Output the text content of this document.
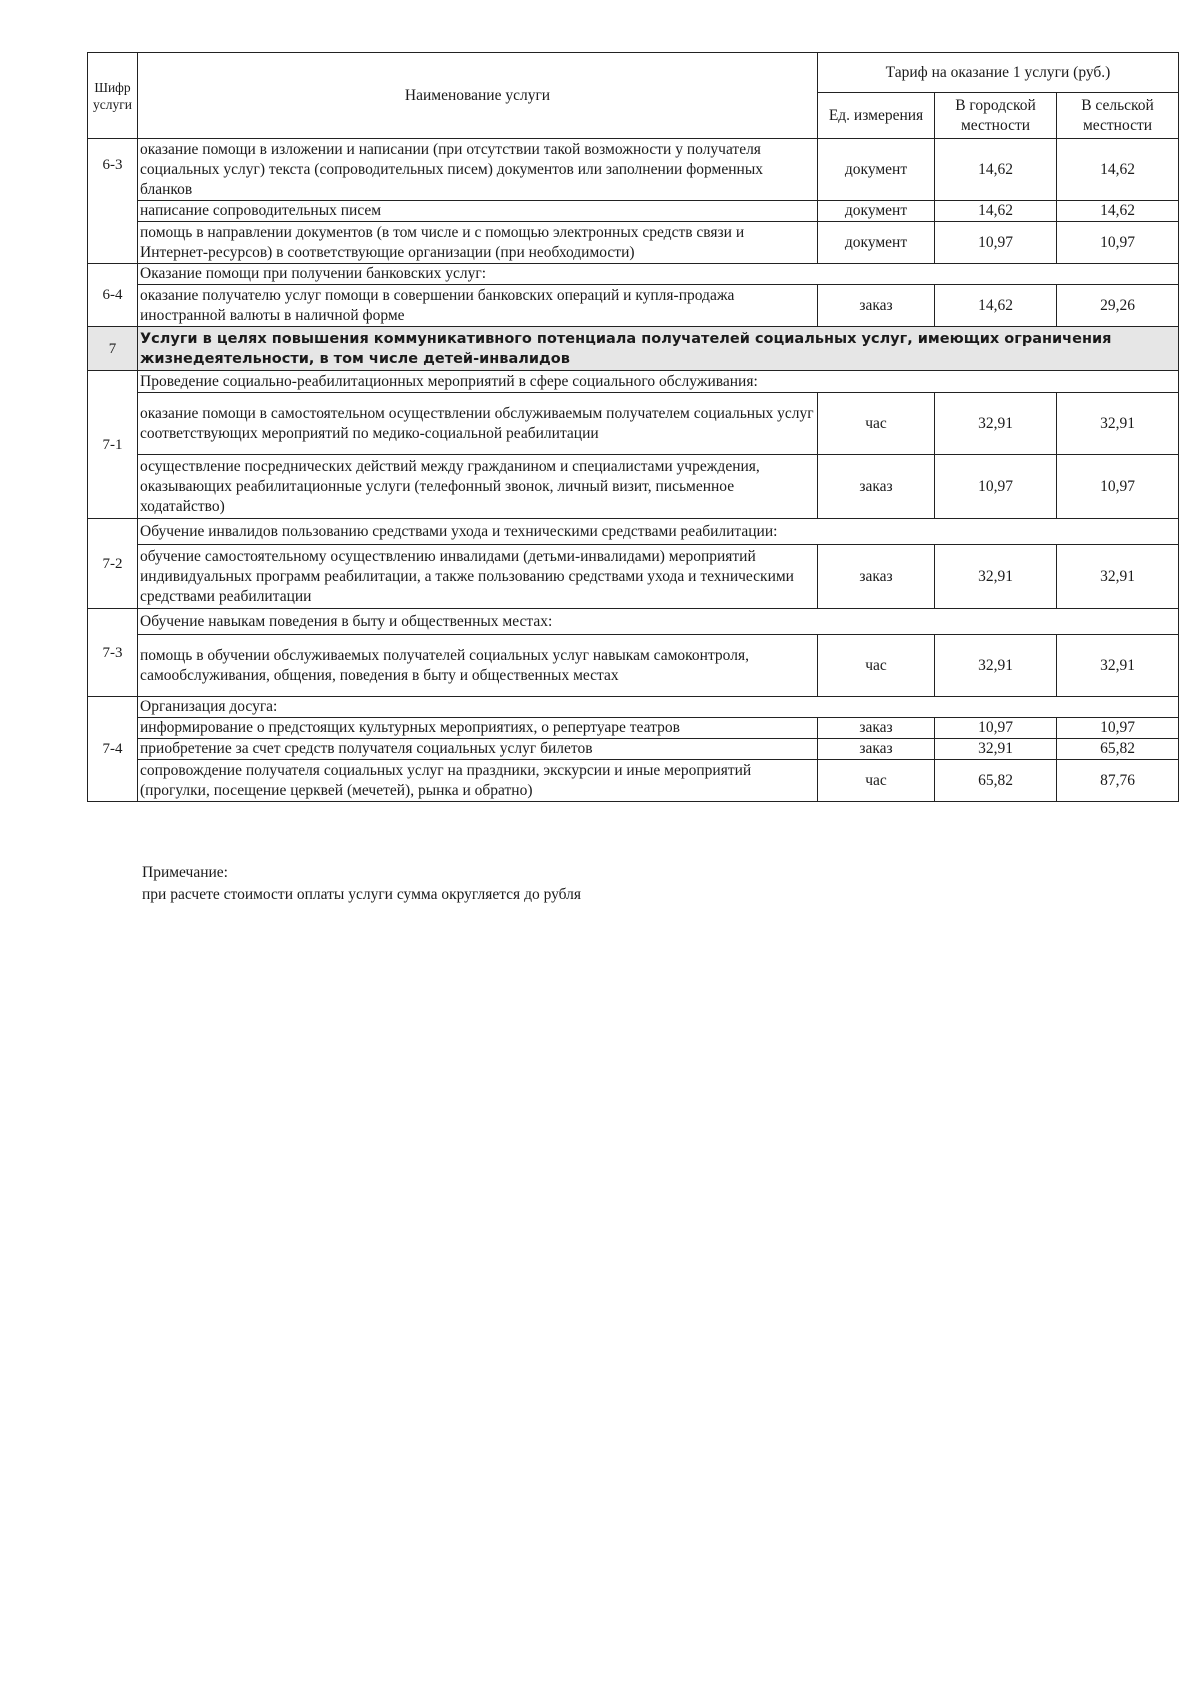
Шифр услуги	Наименование услуги	Тариф на оказание 1 услуги (руб.)		
		Ед. измерения	В городской местности	В сельской местности
6-3	оказание помощи в изложении и написании (при отсутствии такой возможности у получателя социальных услуг) текста (сопроводительных писем) документов или заполнении форменных бланков	документ	14,62	14,62
	написание сопроводительных писем	документ	14,62	14,62
	помощь в направлении документов (в том числе и с помощью электронных средств связи и Интернет-ресурсов) в соответствующие организации (при необходимости)	документ	10,97	10,97
6-4	Оказание помощи при получении банковских услуг:			
	оказание получателю услуг помощи в совершении банковских операций и купля-продажа иностранной валюты в наличной форме	заказ	14,62	29,26
7	Услуги в целях повышения коммуникативного потенциала получателей социальных услуг, имеющих ограничения жизнедеятельности, в том числе детей-инвалидов			
7-1	Проведение социально-реабилитационных мероприятий в сфере социального обслуживания:			
	оказание помощи в самостоятельном осуществлении обслуживаемым получателем социальных услуг соответствующих мероприятий по медико-социальной реабилитации	час	32,91	32,91
	осуществление посреднических действий между гражданином и специалистами учреждения, оказывающих реабилитационные услуги (телефонный звонок, личный визит, письменное ходатайство)	заказ	10,97	10,97
7-2	Обучение инвалидов пользованию средствами ухода и техническими средствами реабилитации:			
	обучение самостоятельному осуществлению инвалидами (детьми-инвалидами) мероприятий индивидуальных программ реабилитации, а также пользованию средствами ухода и техническими средствами реабилитации	заказ	32,91	32,91
7-3	Обучение навыкам поведения в быту и общественных местах:			
	помощь в обучении обслуживаемых получателей социальных услуг навыкам самоконтроля, самообслуживания, общения, поведения в быту и общественных местах	час	32,91	32,91
7-4	Организация досуга:			
	информирование о предстоящих культурных мероприятиях, о репертуаре театров	заказ	10,97	10,97
	приобретение за счет средств получателя социальных услуг билетов	заказ	32,91	65,82
	сопровождение получателя социальных услуг на праздники, экскурсии и иные мероприятий (прогулки, посещение церквей (мечетей), рынка и обратно)	час	65,82	87,76
Примечание:
при расчете стоимости оплаты услуги сумма округляется до рубля
